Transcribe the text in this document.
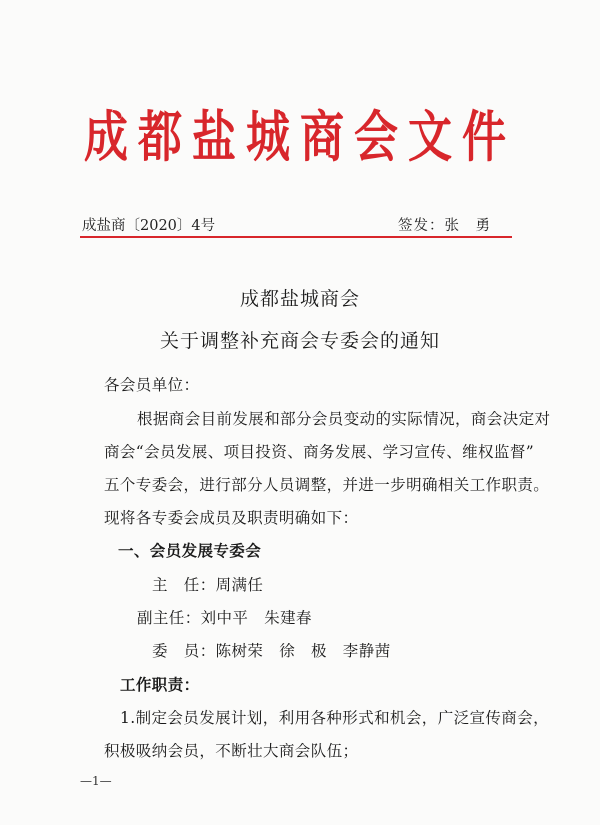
成都盐城商会文件
成盐商〔2020〕4号	签发：张　勇
成都盐城商会
关于调整补充商会专委会的通知
各会员单位：
根据商会目前发展和部分会员变动的实际情况，商会决定对
商会“会员发展、项目投资、商务发展、学习宣传、维权监督”
五个专委会，进行部分人员调整，并进一步明确相关工作职责。
现将各专委会成员及职责明确如下：
一、会员发展专委会
主　任：周满任
副主任：刘中平　朱建春
委　员：陈树荣　徐　极　李静茜
工作职责：
1.制定会员发展计划，利用各种形式和机会，广泛宣传商会，
积极吸纳会员，不断壮大商会队伍；
—1—
